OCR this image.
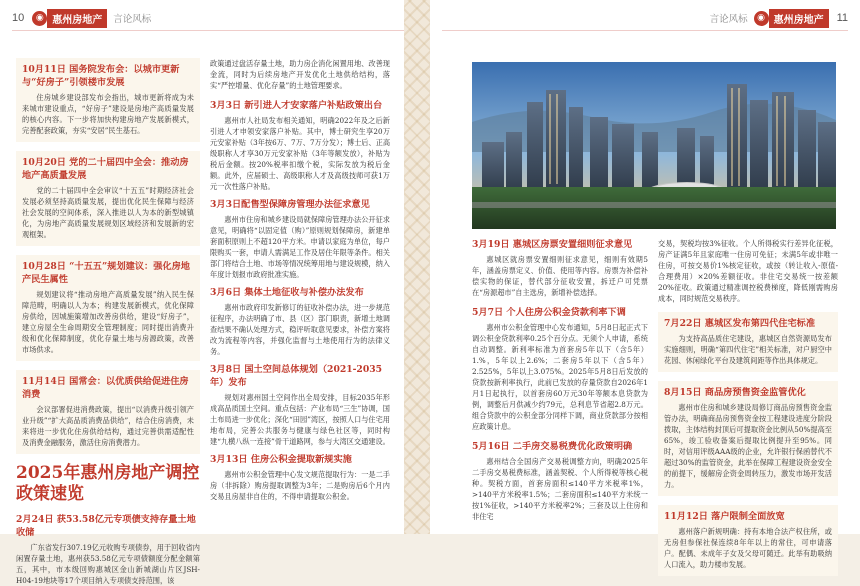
10	◉ 惠州房地产	言论风标
10月11日 国务院发布会：以城市更新与“好房子”引领楼市发展
住房城乡建设部发布会指出，城市更新将成为未来城市建设重点，“好房子”建设是房地产高质量发展的核心内容。下一步将加快构建房地产发展新模式，完善配套政策，夯实“安居”民生基石。
10月20日 党的二十届四中全会：推动房地产高质量发展
党的二十届四中全会审议“十五五”时期经济社会发展必须坚持高质量发展，提出优化民生保障与经济社会发展的空间体系，深入推进以人为本的新型城镇化，为房地产高质量发展规划区域经济和发展新的宏观框架。
10月28日 “十五五”规划建议：强化房地产民生属性
规划建议将“推动房地产高质量发展”纳入民生保障范畴，明确以人为本；构建发展新模式，优化保障房供给，因城施策增加改善房供给，建设“好房子”，建立房屋全生命周期安全管理制度；同时提出消费升级和优化保障制度，优化存量土地与房源政策，改善市场供求。
11月14日 国常会：以优质供给促进住房消费
会议部署促进消费政策，提出“以消费升级引领产业升级”“扩大高品质消费品供给”，结合住房消费，未来将进一步优化住房供给结构，通过完善供需适配性及消费金融服务，激活住房消费潜力。
2025年惠州房地产调控政策速览
2月24日 获53.58亿元专项债支持存量土地收储
广东省发行307.19亿元收购专项债券，用于回收省内闲置存量土地，惠州获53.58亿元专项债额度分配金额第五，其中，市本级回购惠城区金山新城湖山片区JSH-H04-19地块等17个项目纳入专项债支持范围，该
政策通过盘活存量土地，助力房企消化闲置用地、改善现金流，同时为后续房地产开发优化土地供给结构，落实“严控增量、优化存量”的土地管理要求。
3月3日 新引进人才安家落户补贴政策出台
惠州市人社局发布相关通知，明确2022年及之后新引进人才申领安家落户补贴。其中，博士研究生享20万元安家补贴（3年按6万、7万、7万分发）；博士后、正高级职称人才享30万元安家补贴（3年等额发放），补贴为税后金额。按20%税率扣缴个税，实际发放为税后金额。此外，应届硕士、高级职称人才及高级技师可获1万元一次性落户补贴。
3月3日配售型保障房管理办法征求意见
惠州市住房和城乡建设局就保障房管理办法公开征求意见，明确将“以固定值（购）”原则规划保障房，新建单套面积原则上不超120平方米。申请以家庭为单位，每户限购买一套，申请人需满足工作及居住年限等条件。相关部门将结合土地、市场等情况统筹用地与建设规模，纳入年度计划报市政府批准实施。
3月6日 集体土地征收与补偿办法发布
惠州市政府印发新修订的征收补偿办法，进一步规范征程序，办法明确了市、县（区）部门职责，新增土地调查结果不确认处理方式，稳评听取意见要求，补偿方案将改为流程等内容，并强化监督与土地使用行为的法律义务。
3月8日 国土空间总体规划（2021-2035年）发布
规划对惠州国土空间作出全局安排，目标2035年形成高品质国土空间。重点包括：产业布局“三生”协调，国土布局进一步优化；深化“田园”湾区，按照人口与住宅用地布局，完善公共服务与健康与绿色社区等，同时构建“九横八纵一连接”骨干道路网，参与大湾区交通建设。
3月13日 住房公积金提取新规实施
惠州市公积金管理中心发文规范提取行为：一是二手房（非拆除）购房提取调整为3年；二是购房后6个月内交易且房屋非自住的，不得申请提取公积金。
言论风标	◉ 惠州房地产	11
3月19日 惠城区房票安置细则征求意见
惠城区就房票安置细则征求意见，细则有效期5年，涵盖房票定义、价值、使用等内容。房票为补偿补偿实物的保证，替代部分征收安置，拆迁户可凭票在“房源超市”自主选房，新增补偿选择。
5月7日 个人住房公积金贷款利率下调
惠州市公积金管理中心发布通知，5月8日起正式下调公积金贷款利率0.25个百分点。无须个人申请，系统自动调整。新利率标准为首套房5年以下（含5年）1.%，5年以上2.6%；二套房5年以下（含5年）2.525%，5年以上3.075%。2025年5月8日后发放的贷款按新利率执行，此前已发放的存量贷款自2026年1月1日起执行，以首套房60万元30年等额本息贷款为例，调整后月供减少约79元，总利息节省超2.8万元。组合贷款中的公积金部分同样下调，商业贷款部分按相应政策计息。
5月16日 二手房交易税费优化政策明确
惠州结合全国房产交易税调整方向，明确2025年二手房交易税费标准，涵盖契税、个人所得税等核心税种。契税方面，首套房面积≤140平方米税率1%，>140平方米税率1.5%；二套房面积≤140平方米统一按1%征收，>140平方米税率2%；三套及以上住房和非住宅
交易，契税均按3%征收。个人所得税实行差异化征税，房产证满5年且家庭唯一住房可免征；未满5年或非唯一住房，可按交易价1%核定征收，或按（转让收入-原值-合理费用）×20%差额征收。非住宅交易统一按差额20%征收。政策通过精准调控税费梯度，降低刚需购房成本，同时规范交易秩序。
7月22日 惠城区发布第四代住宅标准
为支持高品质住宅建设，惠城区自然资源局发布实施细则，明确“第四代住宅”相关标准，对户厨空中花园、休闲绿化平台及建筑间距等作出具体规定。
8月15日 商品房预售资金监管优化
惠州市住房和城乡建设局修订商品房预售资金监管办法，明确商品房预售资金按工程建设进度分阶段拨取，主体结构封顶后可提取资金比例从50%提高至65%，竣工验收备案后提取比例提升至95%。同时，对信用评级AAA级的企业，允许银行保函替代不超过30%的监管资金，此举在保障工程建设资金安全的前提下，缓解房企资金周转压力，激发市场开发活力。
11月12日 落户限制全面放宽
惠州落户新规明确：持有本地合法产权住所，或无房但参保社保连续8年年以上的常住，可申请落户。配偶、未成年子女及父母可随迁。此举有助吸纳人口流入，助力楼市发展。
